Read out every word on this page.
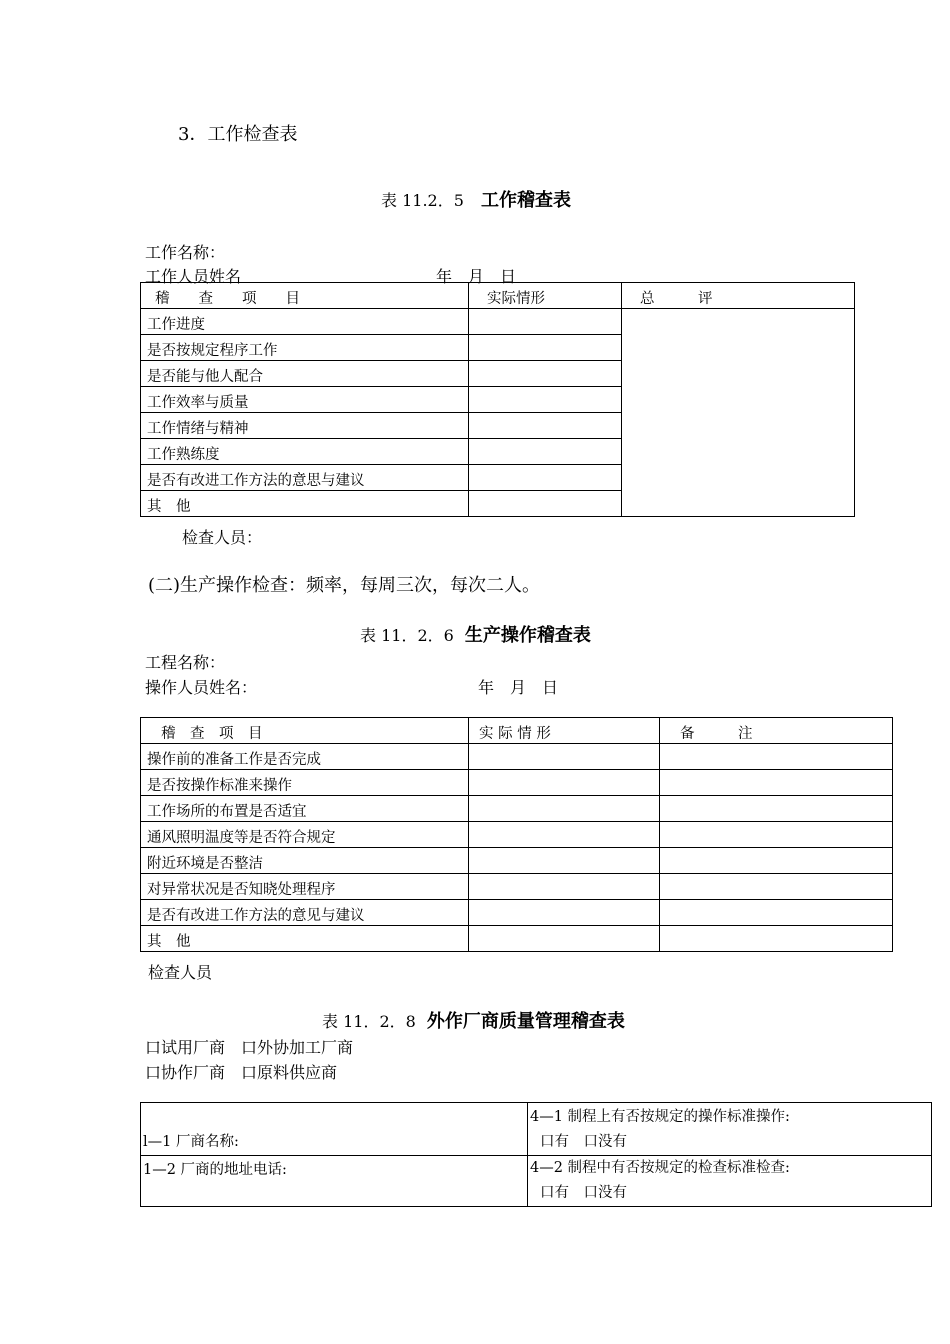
3．工作检查表
表 11.2．5 工作稽查表
工作名称：
工作人员姓名	年　月　日
稽　　查　　项　　目	实际情形	总　　　评
工作进度		
是否按规定程序工作		
是否能与他人配合		
工作效率与质量		
工作情绪与精神		
工作熟练度		
是否有改进工作方法的意思与建议		
其　他		
检查人员：
(二)生产操作检查：频率，每周三次，每次二人。
表 11．2．6 生产操作稽查表
工程名称：
操作人员姓名：	年　月　日
稽　查　项　目	实 际 情 形	备　　　注
操作前的准备工作是否完成		
是否按操作标准来操作		
工作场所的布置是否适宜		
通风照明温度等是否符合规定		
附近环境是否整洁		
对异常状况是否知晓处理程序		
是否有改进工作方法的意见与建议		
其　他		
检查人员
表 11．2．8 外作厂商质量管理稽查表
口试用厂商　口外协加工厂商
口协作厂商　口原料供应商
l—1 厂商名称:	4—1 制程上有否按规定的操作标准操作:
口有　口没有

1—2 厂商的地址电话:	4—2 制程中有否按规定的检查标准检查:
口有　口没有
